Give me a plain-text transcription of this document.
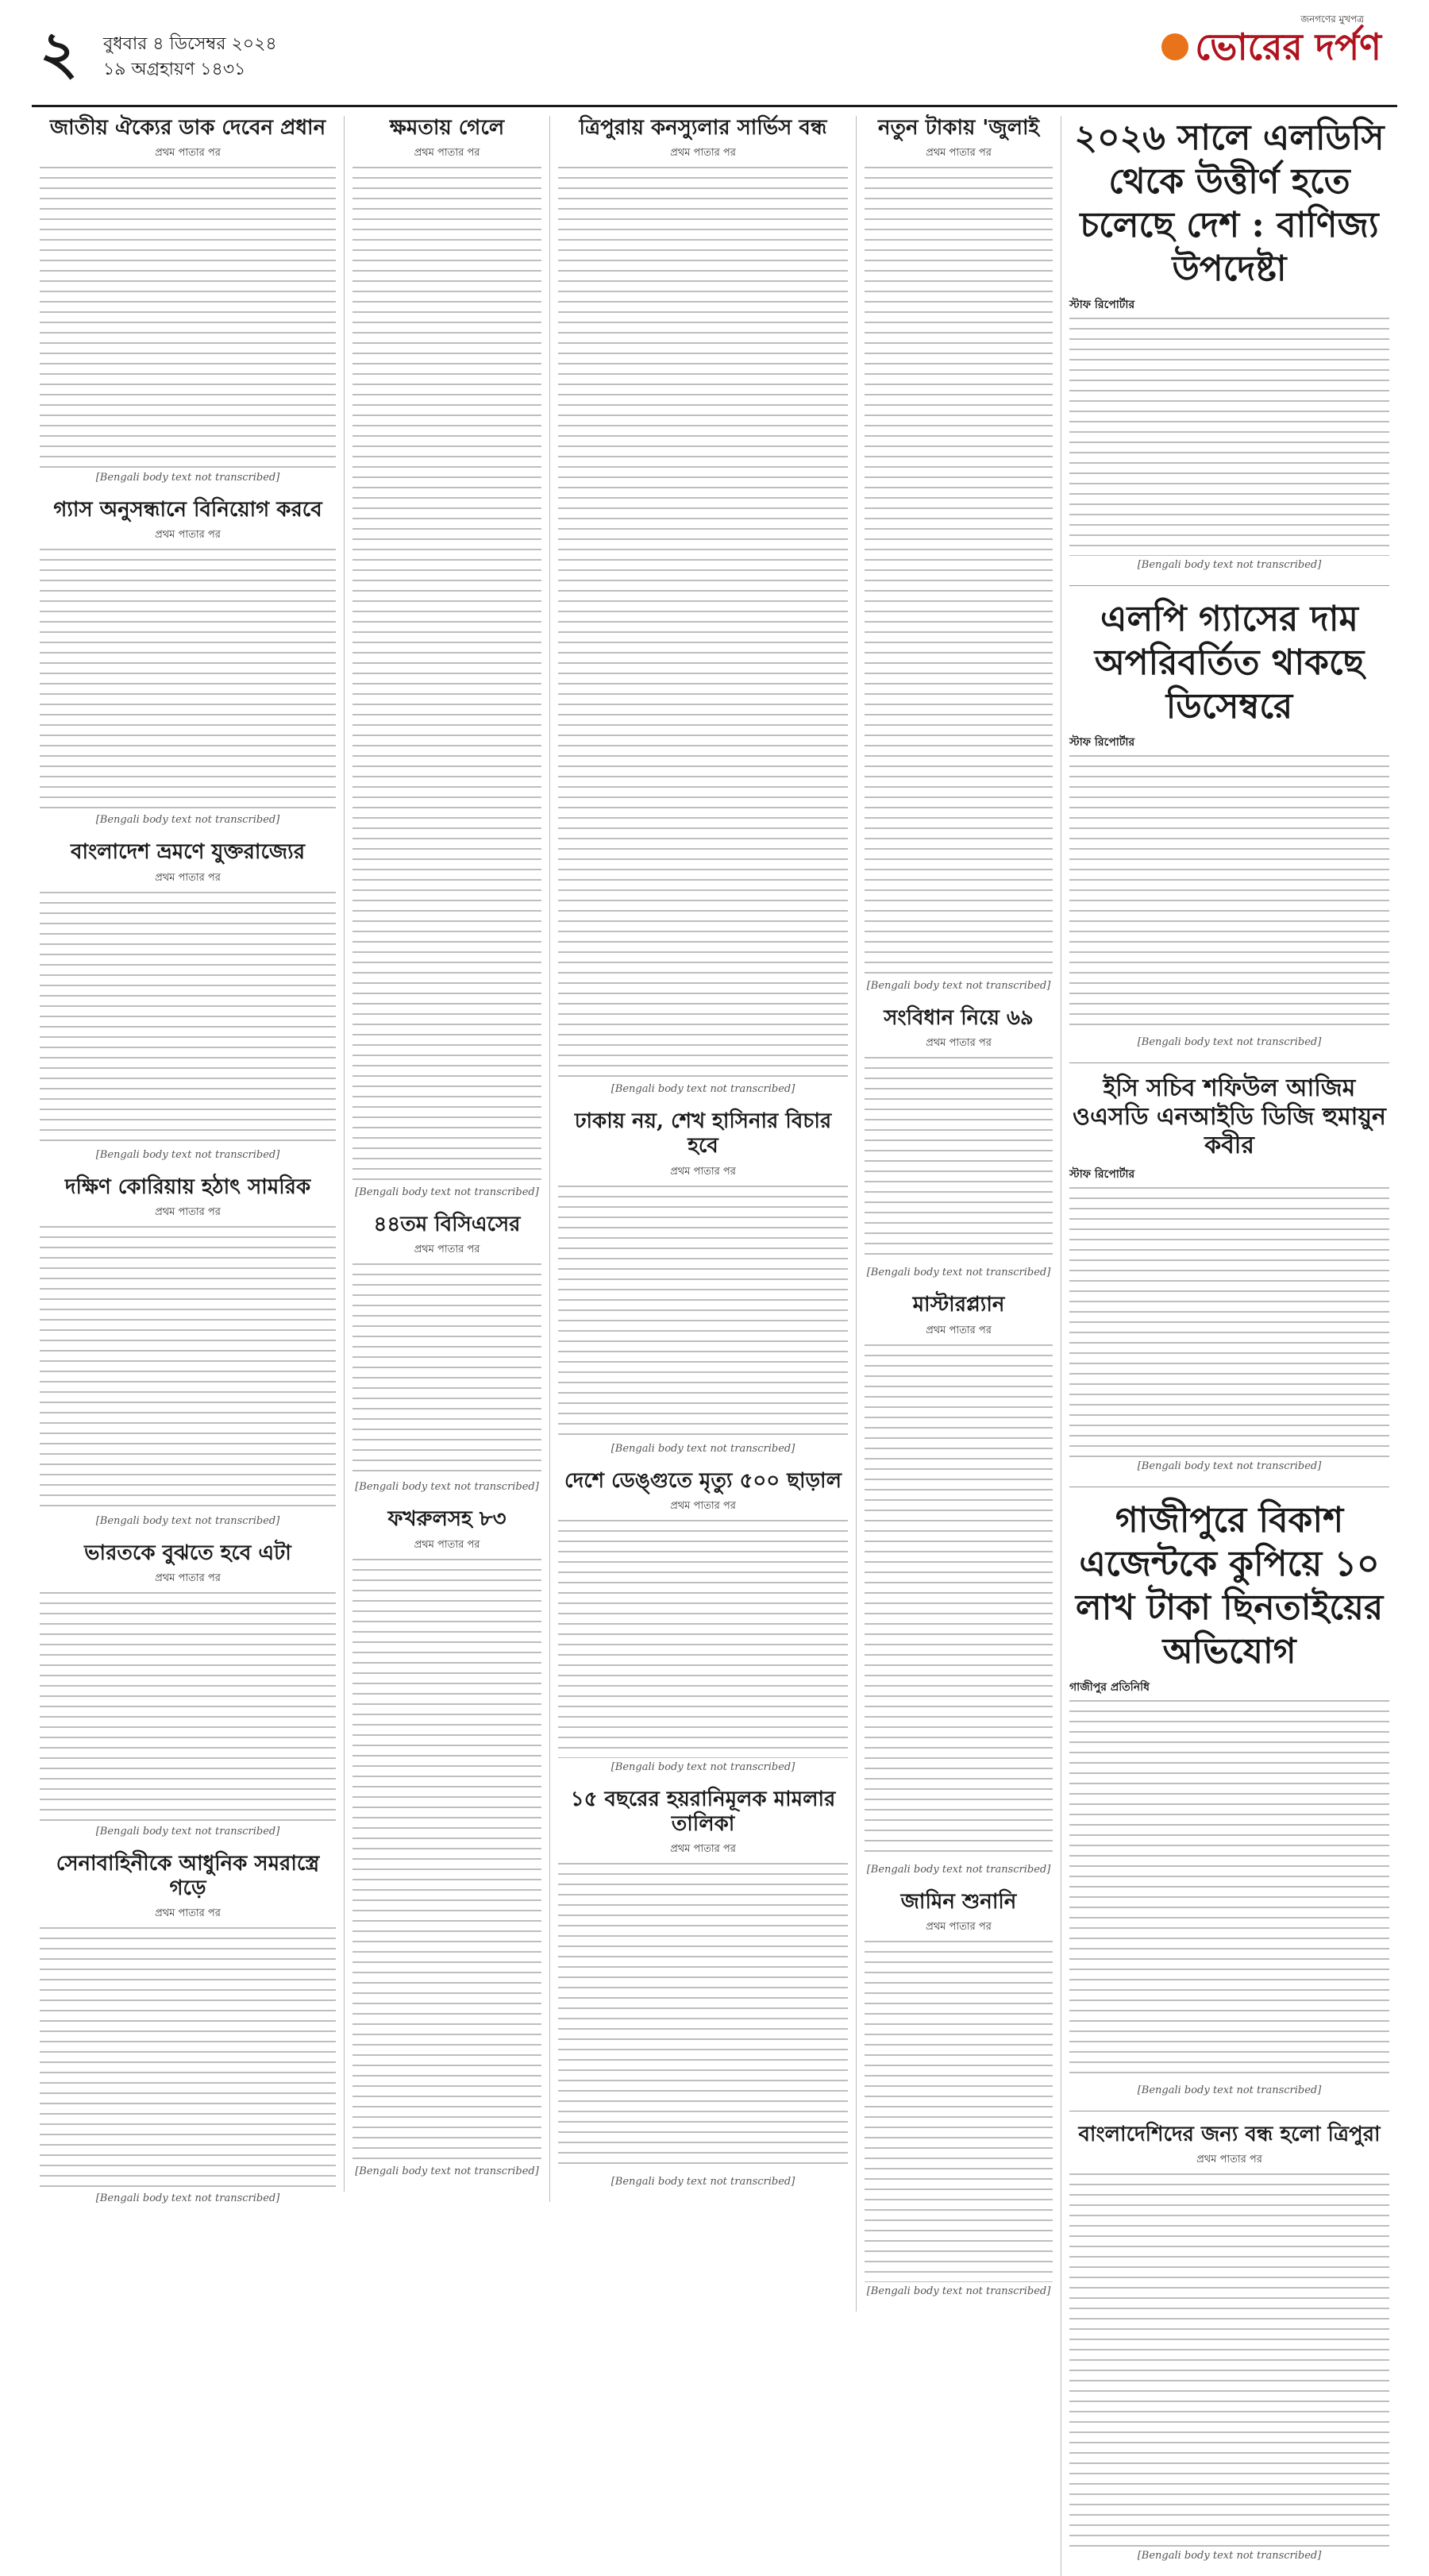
২ বুধবার ৪ ডিসেম্বর ২০২৪
১৯ অগ্রহায়ণ ১৪৩১
জনগণের মুখপত্র
ভোরের দর্পণ
জাতীয় ঐক্যের ডাক দেবেন প্রধান
প্রথম পাতার পর
[Bengali body text not transcribed]
গ্যাস অনুসন্ধানে বিনিয়োগ করবে
প্রথম পাতার পর
[Bengali body text not transcribed]
বাংলাদেশ ভ্রমণে যুক্তরাজ্যের
প্রথম পাতার পর
[Bengali body text not transcribed]
দক্ষিণ কোরিয়ায় হঠাৎ সামরিক
প্রথম পাতার পর
[Bengali body text not transcribed]
ভারতকে বুঝতে হবে এটা
প্রথম পাতার পর
[Bengali body text not transcribed]
সেনাবাহিনীকে আধুনিক সমরাস্ত্রে গড়ে
প্রথম পাতার পর
[Bengali body text not transcribed]
ক্ষমতায় গেলে
প্রথম পাতার পর
[Bengali body text not transcribed]
৪৪তম বিসিএসের
প্রথম পাতার পর
[Bengali body text not transcribed]
ফখরুলসহ ৮৩
প্রথম পাতার পর
[Bengali body text not transcribed]
ত্রিপুরায় কনস্যুলার সার্ভিস বন্ধ
প্রথম পাতার পর
[Bengali body text not transcribed]
ঢাকায় নয়, শেখ হাসিনার বিচার হবে
প্রথম পাতার পর
[Bengali body text not transcribed]
দেশে ডেঙ্গুতে মৃত্যু ৫০০ ছাড়াল
প্রথম পাতার পর
[Bengali body text not transcribed]
১৫ বছরের হয়রানিমূলক মামলার তালিকা
প্রথম পাতার পর
[Bengali body text not transcribed]
নতুন টাকায় 'জুলাই
প্রথম পাতার পর
[Bengali body text not transcribed]
সংবিধান নিয়ে ৬৯
প্রথম পাতার পর
[Bengali body text not transcribed]
মাস্টারপ্ল্যান
প্রথম পাতার পর
[Bengali body text not transcribed]
জামিন শুনানি
প্রথম পাতার পর
[Bengali body text not transcribed]
২০২৬ সালে এলডিসি থেকে উত্তীর্ণ হতে চলেছে দেশ : বাণিজ্য উপদেষ্টা
স্টাফ রিপোর্টার
[Bengali body text not transcribed]
এলপি গ্যাসের দাম অপরিবর্তিত থাকছে ডিসেম্বরে
স্টাফ রিপোর্টার
[Bengali body text not transcribed]
ইসি সচিব শফিউল আজিম ওএসডি এনআইডি ডিজি হুমায়ুন কবীর
স্টাফ রিপোর্টার
[Bengali body text not transcribed]
গাজীপুরে বিকাশ এজেন্টকে কুপিয়ে ১০ লাখ টাকা ছিনতাইয়ের অভিযোগ
গাজীপুর প্রতিনিধি
[Bengali body text not transcribed]
বাংলাদেশিদের জন্য বন্ধ হলো ত্রিপুরা
প্রথম পাতার পর
[Bengali body text not transcribed]
